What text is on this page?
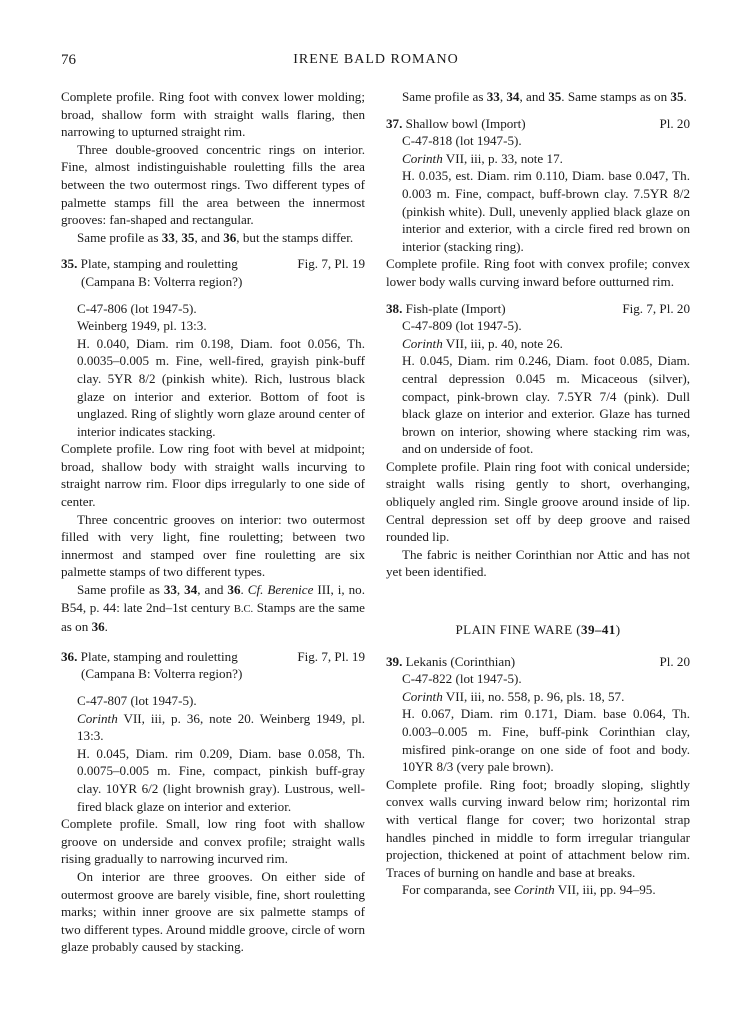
76	IRENE BALD ROMANO

Complete profile. Ring foot with convex lower molding; broad, shallow form with straight walls flaring, then narrowing to upturned straight rim.

Three double-grooved concentric rings on interior. Fine, almost indistinguishable rouletting fills the area between the two outermost rings. Two different types of palmette stamps fill the area between the innermost grooves: fan-shaped and rectangular.

Same profile as 33, 35, and 36, but the stamps differ.

35. Plate, stamping and rouletting	Fig. 7, Pl. 19

(Campana B: Volterra region?)

C-47-806 (lot 1947-5).

Weinberg 1949, pl. 13:3.

H. 0.040, Diam. rim 0.198, Diam. foot 0.056, Th. 0.0035–0.005 m. Fine, well-fired, grayish pink-buff clay. 5YR 8/2 (pinkish white). Rich, lustrous black glaze on interior and exterior. Bottom of foot is unglazed. Ring of slightly worn glaze around center of interior indicates stacking.

Complete profile. Low ring foot with bevel at midpoint; broad, shallow body with straight walls incurving to straight narrow rim. Floor dips irregularly to one side of center.

Three concentric grooves on interior: two outermost filled with very light, fine rouletting; between two innermost and stamped over fine rouletting are six palmette stamps of two different types.

Same profile as 33, 34, and 36. Cf. Berenice III, i, no. B54, p. 44: late 2nd–1st century B.C. Stamps are the same as on 36.

36. Plate, stamping and rouletting	Fig. 7, Pl. 19

(Campana B: Volterra region?)

C-47-807 (lot 1947-5).

Corinth VII, iii, p. 36, note 20. Weinberg 1949, pl. 13:3.

H. 0.045, Diam. rim 0.209, Diam. base 0.058, Th. 0.0075–0.005 m. Fine, compact, pinkish buff-gray clay. 10YR 6/2 (light brownish gray). Lustrous, well-fired black glaze on interior and exterior.

Complete profile. Small, low ring foot with shallow groove on underside and convex profile; straight walls rising gradually to narrowing incurved rim.

On interior are three grooves. On either side of outermost groove are barely visible, fine, short rouletting marks; within inner groove are six palmette stamps of two different types. Around middle groove, circle of worn glaze probably caused by stacking.

Same profile as 33, 34, and 35. Same stamps as on 35.

37. Shallow bowl (Import)	Pl. 20

C-47-818 (lot 1947-5).

Corinth VII, iii, p. 33, note 17.

H. 0.035, est. Diam. rim 0.110, Diam. base 0.047, Th. 0.003 m. Fine, compact, buff-brown clay. 7.5YR 8/2 (pinkish white). Dull, unevenly applied black glaze on interior and exterior, with a circle fired red brown on interior (stacking ring).

Complete profile. Ring foot with convex profile; convex lower body walls curving inward before outturned rim.

38. Fish-plate (Import)	Fig. 7, Pl. 20

C-47-809 (lot 1947-5).

Corinth VII, iii, p. 40, note 26.

H. 0.045, Diam. rim 0.246, Diam. foot 0.085, Diam. central depression 0.045 m. Micaceous (silver), compact, pink-brown clay. 7.5YR 7/4 (pink). Dull black glaze on interior and exterior. Glaze has turned brown on interior, showing where stacking rim was, and on underside of foot.

Complete profile. Plain ring foot with conical underside; straight walls rising gently to short, overhanging, obliquely angled rim. Single groove around inside of lip. Central depression set off by deep groove and raised rounded lip.

The fabric is neither Corinthian nor Attic and has not yet been identified.

PLAIN FINE WARE (39–41)

39. Lekanis (Corinthian)	Pl. 20

C-47-822 (lot 1947-5).

Corinth VII, iii, no. 558, p. 96, pls. 18, 57.

H. 0.067, Diam. rim 0.171, Diam. base 0.064, Th. 0.003–0.005 m. Fine, buff-pink Corinthian clay, misfired pink-orange on one side of foot and body. 10YR 8/3 (very pale brown).

Complete profile. Ring foot; broadly sloping, slightly convex walls curving inward below rim; horizontal rim with vertical flange for cover; two horizontal strap handles pinched in middle to form irregular triangular projection, thickened at point of attachment below rim. Traces of burning on handle and base at breaks.

For comparanda, see Corinth VII, iii, pp. 94–95.
